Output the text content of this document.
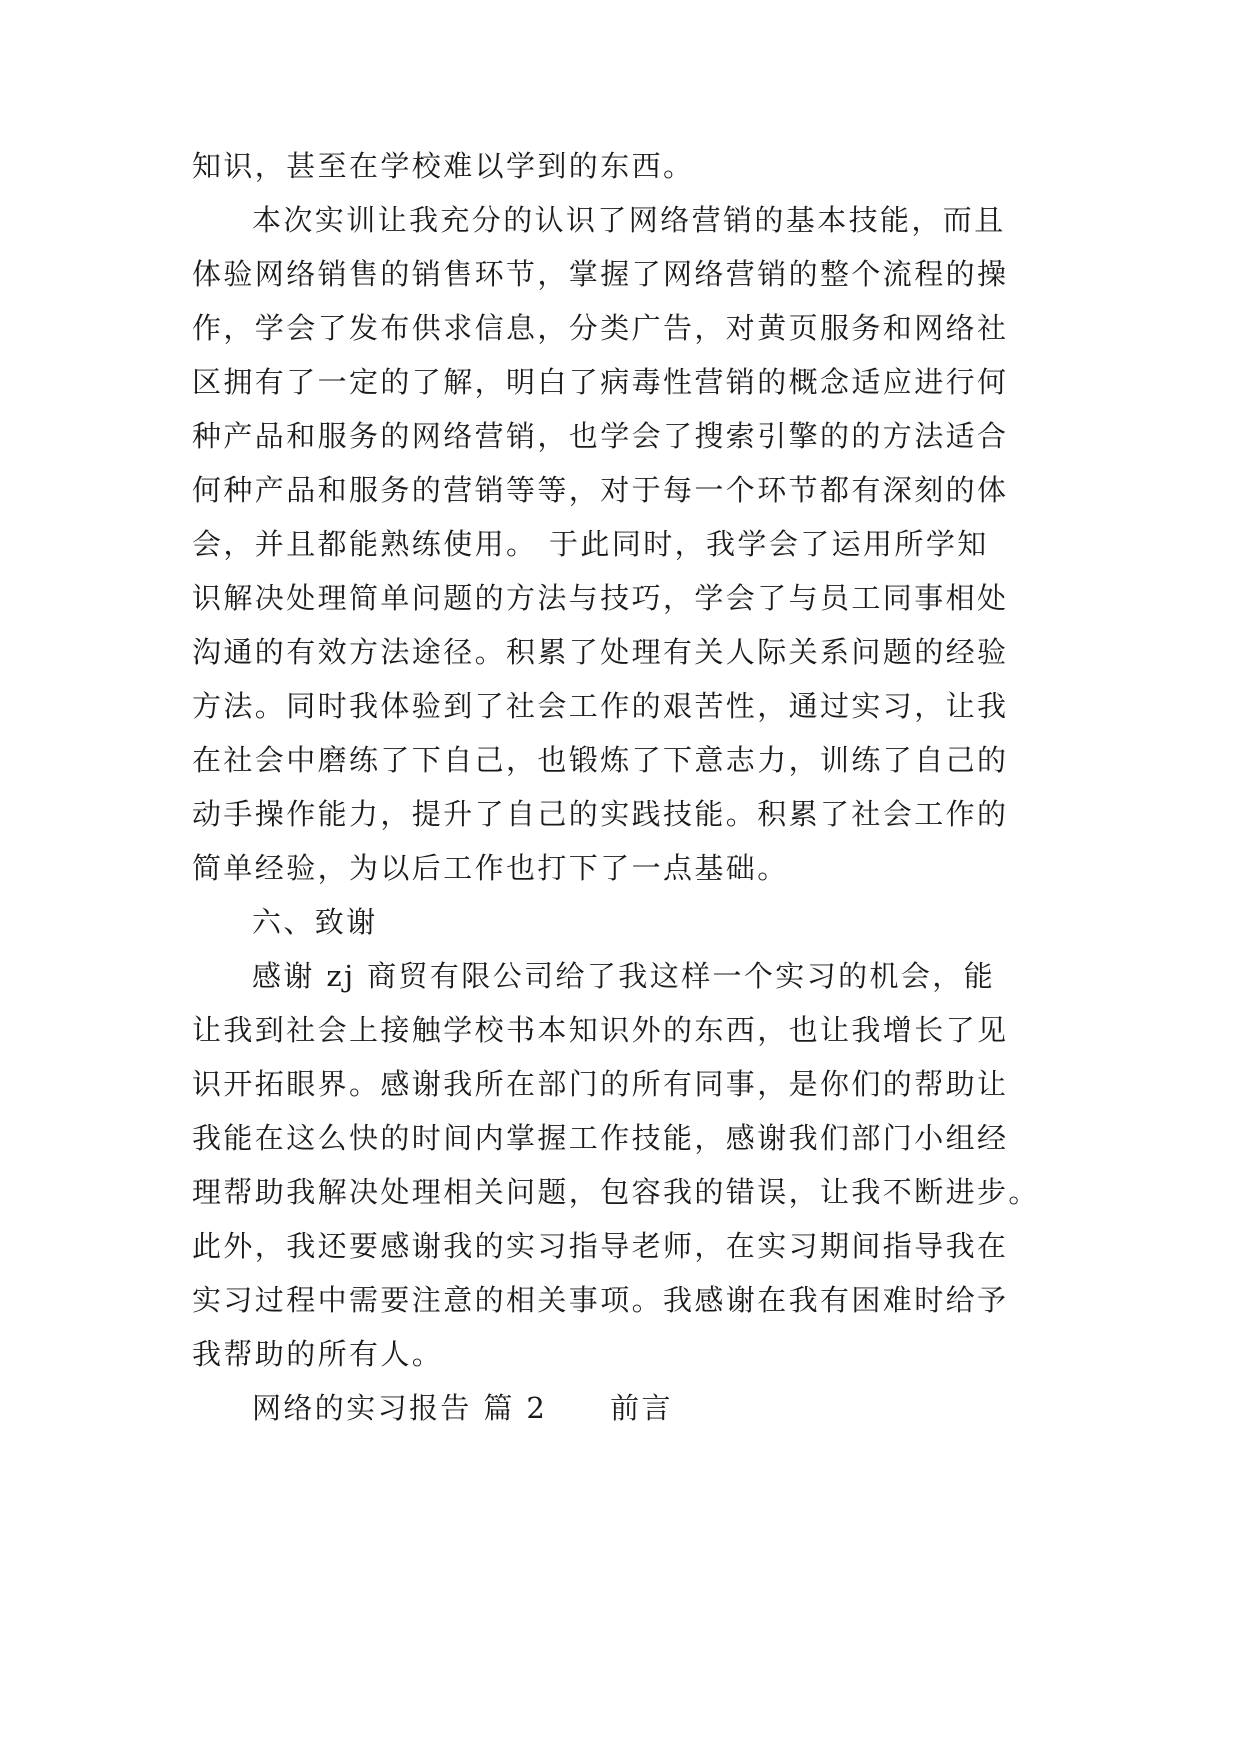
知识，甚至在学校难以学到的东西。
本次实训让我充分的认识了网络营销的基本技能，而且
体验网络销售的销售环节，掌握了网络营销的整个流程的操
作，学会了发布供求信息，分类广告，对黄页服务和网络社
区拥有了一定的了解，明白了病毒性营销的概念适应进行何
种产品和服务的网络营销，也学会了搜索引擎的的方法适合
何种产品和服务的营销等等，对于每一个环节都有深刻的体
会，并且都能熟练使用。 于此同时，我学会了运用所学知
识解决处理简单问题的方法与技巧，学会了与员工同事相处
沟通的有效方法途径。积累了处理有关人际关系问题的经验
方法。同时我体验到了社会工作的艰苦性，通过实习，让我
在社会中磨练了下自己，也锻炼了下意志力，训练了自己的
动手操作能力，提升了自己的实践技能。积累了社会工作的
简单经验，为以后工作也打下了一点基础。
六、致谢
感谢 zj 商贸有限公司给了我这样一个实习的机会，能
让我到社会上接触学校书本知识外的东西，也让我增长了见
识开拓眼界。感谢我所在部门的所有同事，是你们的帮助让
我能在这么快的时间内掌握工作技能，感谢我们部门小组经
理帮助我解决处理相关问题，包容我的错误，让我不断进步。
此外，我还要感谢我的实习指导老师，在实习期间指导我在
实习过程中需要注意的相关事项。我感谢在我有困难时给予
我帮助的所有人。
网络的实习报告 篇 2　　前言
